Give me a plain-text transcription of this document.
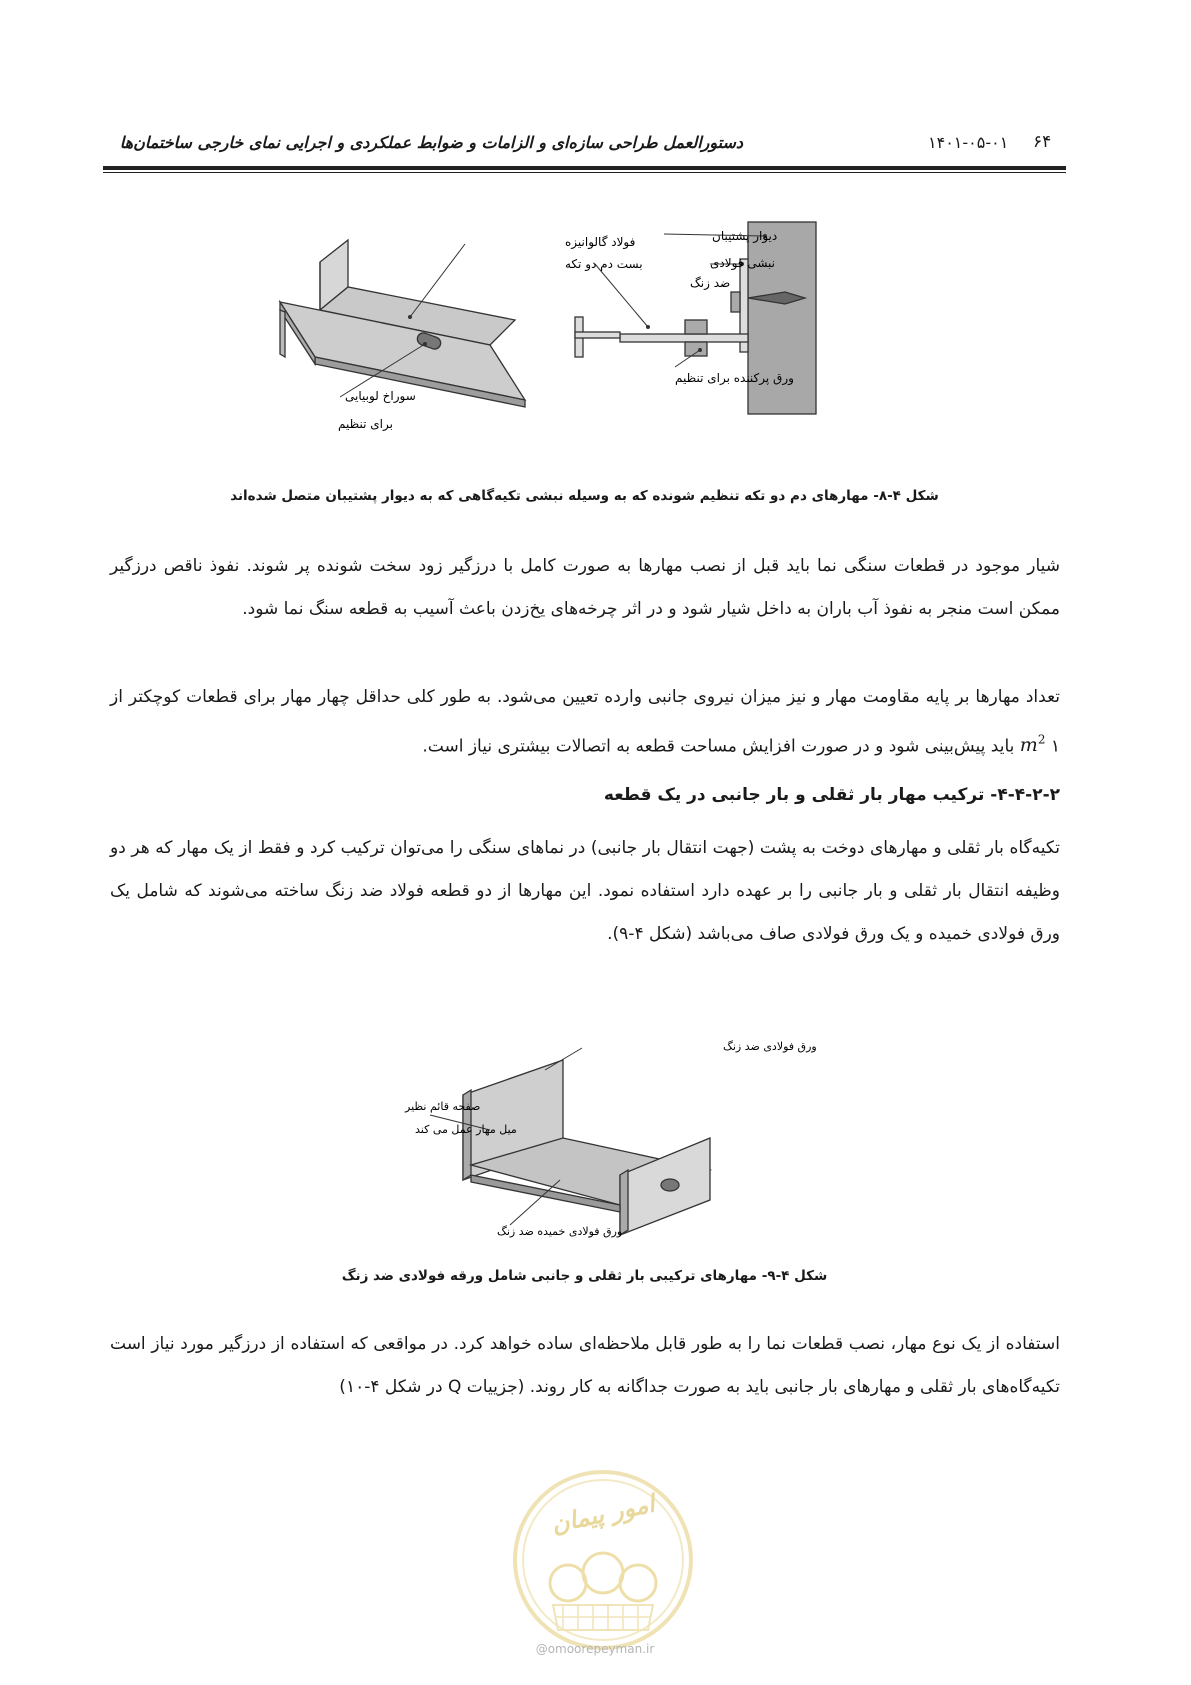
۶۴
۱۴۰۱-۰۵-۰۱
دستورالعمل طراحی سازه‌ای و الزامات و ضوابط عملکردی و اجرایی نمای خارجی ساختمان‌ها
فولاد گالوانیزه
بست دم دو تکه
سوراخ لوبیایی
برای تنظیم
دیوار پشتیبان
نبشی فولادی
ضد زنگ
ورق پرکننده برای تنظیم
شکل ۴-۸- مهارهای دم دو تکه تنظیم شونده که به وسیله نبشی تکیه‌گاهی که به دیوار پشتیبان متصل شده‌اند

شیار موجود در قطعات سنگی نما باید قبل از نصب مهارها به صورت کامل با درزگیر زود سخت شونده پر شوند. نفوذ ناقص درزگیر ممکن است منجر به نفوذ آب باران به داخل شیار شود و در اثر چرخه‌های یخ‌زدن باعث آسیب به قطعه سنگ نما شود.

تعداد مهارها بر پایه مقاومت مهار و نیز میزان نیروی جانبی وارده تعیین می‌شود. به طور کلی حداقل چهار مهار برای قطعات کوچکتر از ۱ $m^2$ باید پیش‌بینی شود و در صورت افزایش مساحت قطعه به اتصالات بیشتری نیاز است.

۴-۴-۲-۲- ترکیب مهار بار ثقلی و بار جانبی در یک قطعه

تکیه‌گاه بار ثقلی و مهارهای دوخت به پشت (جهت انتقال بار جانبی) در نماهای سنگی را می‌توان ترکیب کرد و فقط از یک مهار که هر دو وظیفه انتقال بار ثقلی و بار جانبی را بر عهده دارد استفاده نمود. این مهارها از دو قطعه فولاد ضد زنگ ساخته می‌شوند که شامل یک ورق فولادی خمیده و یک ورق فولادی صاف می‌باشد (شکل ۴-۹).

ورق فولادی ضد زنگ
صفحه قائم نظیر
میل مهار عمل می کند
ورق فولادی خمیده ضد زنگ
شکل ۴-۹- مهارهای ترکیبی بار ثقلی و جانبی شامل ورقه فولادی ضد زنگ

استفاده از یک نوع مهار، نصب قطعات نما را به طور قابل ملاحظه‌ای ساده خواهد کرد. در مواقعی که استفاده از درزگیر مورد نیاز است تکیه‌گاه‌های بار ثقلی و مهارهای بار جانبی باید به صورت جداگانه به کار روند. (جزییات Q در شکل ۴-۱۰)

امور پیمان
@omoorepeyman.ir
